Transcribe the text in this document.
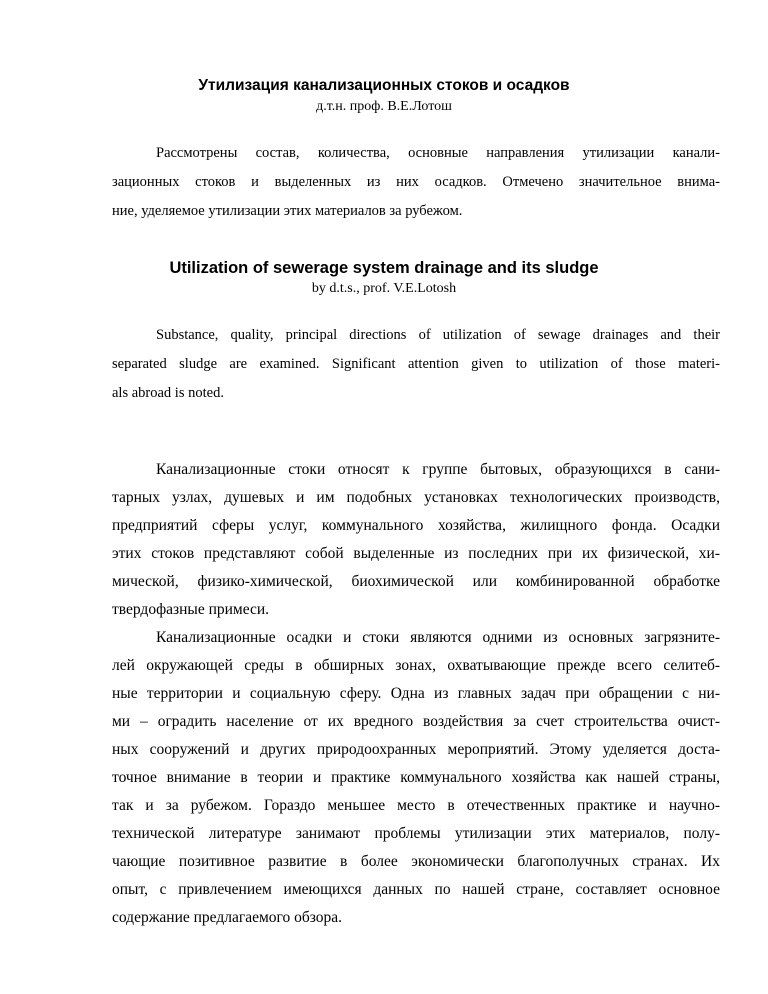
Утилизация канализационных стоков и осадков
д.т.н. проф. В.Е.Лотош
Рассмотрены состав, количества, основные направления утилизации канали-
зационных стоков и выделенных из них осадков. Отмечено значительное внима-
ние, уделяемое утилизации этих материалов за рубежом.
Utilization of sewerage system drainage and its sludge
by d.t.s., prof. V.E.Lotosh
Substance, quality, principal directions of utilization of sewage drainages and their
separated sludge are examined. Significant attention given to utilization of those materi-
als abroad is noted.
Канализационные стоки относят к группе бытовых, образующихся в сани-
тарных узлах, душевых и им подобных установках технологических производств,
предприятий сферы услуг, коммунального хозяйства, жилищного фонда. Осадки
этих стоков представляют собой выделенные из последних при их физической, хи-
мической, физико-химической, биохимической или комбинированной обработке
твердофазные примеси.
Канализационные осадки и стоки являются одними из основных загрязните-
лей окружающей среды в обширных зонах, охватывающие прежде всего селитеб-
ные территории и социальную сферу. Одна из главных задач при обращении с ни-
ми – оградить население от их вредного воздействия за счет строительства очист-
ных сооружений и других природоохранных мероприятий. Этому уделяется доста-
точное внимание в теории и практике коммунального хозяйства как нашей страны,
так и за рубежом. Гораздо меньшее место в отечественных практике и научно-
технической литературе занимают проблемы утилизации этих материалов, полу-
чающие позитивное развитие в более экономически благополучных странах. Их
опыт, с привлечением имеющихся данных по нашей стране, составляет основное
содержание предлагаемого обзора.
